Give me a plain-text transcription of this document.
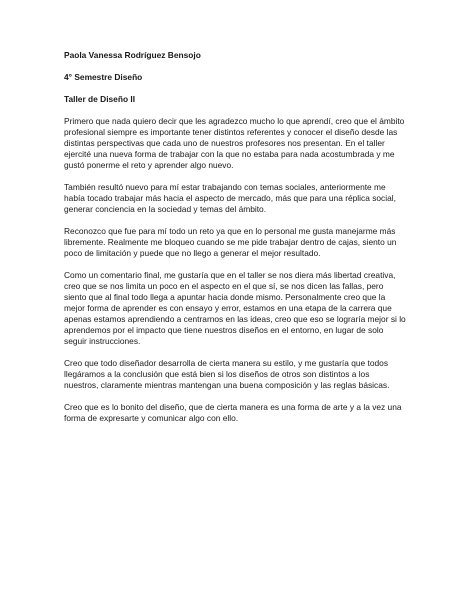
Paola Vanessa Rodríguez Bensojo

4° Semestre Diseño

Taller de Diseño II

Primero que nada quiero decir que les agradezco mucho lo que aprendí, creo que el ámbito profesional siempre es importante tener distintos referentes y conocer el diseño desde las distintas perspectivas que cada uno de nuestros profesores nos presentan. En el taller ejercité una nueva forma de trabajar con la que no estaba para nada acostumbrada y me gustó ponerme el reto y aprender algo nuevo.

También resultó nuevo para mí estar trabajando con temas sociales, anteriormente me había tocado trabajar más hacia el aspecto de mercado, más que para una réplica social, generar conciencia en la sociedad y temas del ámbito.

Reconozco que fue para mí todo un reto ya que en lo personal me gusta manejarme más libremente. Realmente me bloqueo cuando se me pide trabajar dentro de cajas, siento un poco de limitación y puede que no llego a generar el mejor resultado.

Como un comentario final, me gustaría que en el taller se nos diera más libertad creativa, creo que se nos limita un poco en el aspecto en el que sí, se nos dicen las fallas, pero siento que al final todo llega a apuntar hacia donde mismo. Personalmente creo que la mejor forma de aprender es con ensayo y error, estamos en una etapa de la carrera que apenas estamos aprendiendo a centrarnos en las ideas, creo que eso se lograría mejor si lo aprendemos por el impacto que tiene nuestros diseños en el entorno, en lugar de solo seguir instrucciones.

Creo que todo diseñador desarrolla de cierta manera su estilo, y me gustaría que todos llegáramos a la conclusión que está bien si los diseños de otros son distintos a los nuestros, claramente mientras mantengan una buena composición y las reglas básicas.

Creo que es lo bonito del diseño, que de cierta manera es una forma de arte y a la vez una forma de expresarte y comunicar algo con ello.
